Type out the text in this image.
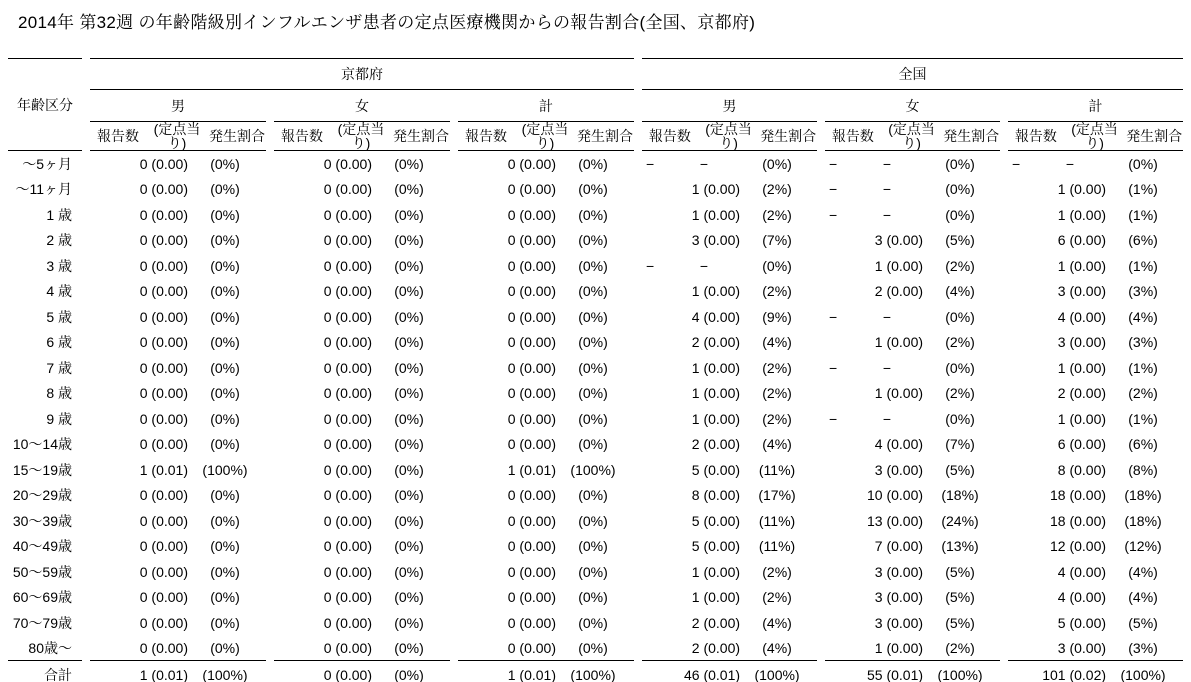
2014年 第32週 の年齢階級別インフルエンザ患者の定点医療機関からの報告割合(全国、京都府)
年齢区分	京都府			全国		
	男	女	計	男	女	計

	報告数 (定点当り) 発生割合	報告数 (定点当り) 発生割合	報告数 (定点当り) 発生割合	報告数 (定点当り) 発生割合	報告数 (定点当り) 発生割合	報告数 (定点当り) 発生割合

～5ヶ月	0 (0.00) (0%)	0 (0.00) (0%)	0 (0.00) (0%)	− − (0%)	− − (0%)	− − (0%)

～11ヶ月	0 (0.00) (0%)	0 (0.00) (0%)	0 (0.00) (0%)	1 (0.00) (2%)	− − (0%)	1 (0.00) (1%)

1 歳	0 (0.00) (0%)	0 (0.00) (0%)	0 (0.00) (0%)	1 (0.00) (2%)	− − (0%)	1 (0.00) (1%)

2 歳	0 (0.00) (0%)	0 (0.00) (0%)	0 (0.00) (0%)	3 (0.00) (7%)	3 (0.00) (5%)	6 (0.00) (6%)

3 歳	0 (0.00) (0%)	0 (0.00) (0%)	0 (0.00) (0%)	− − (0%)	1 (0.00) (2%)	1 (0.00) (1%)

4 歳	0 (0.00) (0%)	0 (0.00) (0%)	0 (0.00) (0%)	1 (0.00) (2%)	2 (0.00) (4%)	3 (0.00) (3%)

5 歳	0 (0.00) (0%)	0 (0.00) (0%)	0 (0.00) (0%)	4 (0.00) (9%)	− − (0%)	4 (0.00) (4%)

6 歳	0 (0.00) (0%)	0 (0.00) (0%)	0 (0.00) (0%)	2 (0.00) (4%)	1 (0.00) (2%)	3 (0.00) (3%)

7 歳	0 (0.00) (0%)	0 (0.00) (0%)	0 (0.00) (0%)	1 (0.00) (2%)	− − (0%)	1 (0.00) (1%)

8 歳	0 (0.00) (0%)	0 (0.00) (0%)	0 (0.00) (0%)	1 (0.00) (2%)	1 (0.00) (2%)	2 (0.00) (2%)

9 歳	0 (0.00) (0%)	0 (0.00) (0%)	0 (0.00) (0%)	1 (0.00) (2%)	− − (0%)	1 (0.00) (1%)

10～14歳	0 (0.00) (0%)	0 (0.00) (0%)	0 (0.00) (0%)	2 (0.00) (4%)	4 (0.00) (7%)	6 (0.00) (6%)

15～19歳	1 (0.01) (100%)	0 (0.00) (0%)	1 (0.01) (100%)	5 (0.00) (11%)	3 (0.00) (5%)	8 (0.00) (8%)

20～29歳	0 (0.00) (0%)	0 (0.00) (0%)	0 (0.00) (0%)	8 (0.00) (17%)	10 (0.00) (18%)	18 (0.00) (18%)

30～39歳	0 (0.00) (0%)	0 (0.00) (0%)	0 (0.00) (0%)	5 (0.00) (11%)	13 (0.00) (24%)	18 (0.00) (18%)

40～49歳	0 (0.00) (0%)	0 (0.00) (0%)	0 (0.00) (0%)	5 (0.00) (11%)	7 (0.00) (13%)	12 (0.00) (12%)

50～59歳	0 (0.00) (0%)	0 (0.00) (0%)	0 (0.00) (0%)	1 (0.00) (2%)	3 (0.00) (5%)	4 (0.00) (4%)

60～69歳	0 (0.00) (0%)	0 (0.00) (0%)	0 (0.00) (0%)	1 (0.00) (2%)	3 (0.00) (5%)	4 (0.00) (4%)

70～79歳	0 (0.00) (0%)	0 (0.00) (0%)	0 (0.00) (0%)	2 (0.00) (4%)	3 (0.00) (5%)	5 (0.00) (5%)

80歳～	0 (0.00) (0%)	0 (0.00) (0%)	0 (0.00) (0%)	2 (0.00) (4%)	1 (0.00) (2%)	3 (0.00) (3%)

合計	1 (0.01) (100%)	0 (0.00) (0%)	1 (0.01) (100%)	46 (0.01) (100%)	55 (0.01) (100%)	101 (0.02) (100%)
